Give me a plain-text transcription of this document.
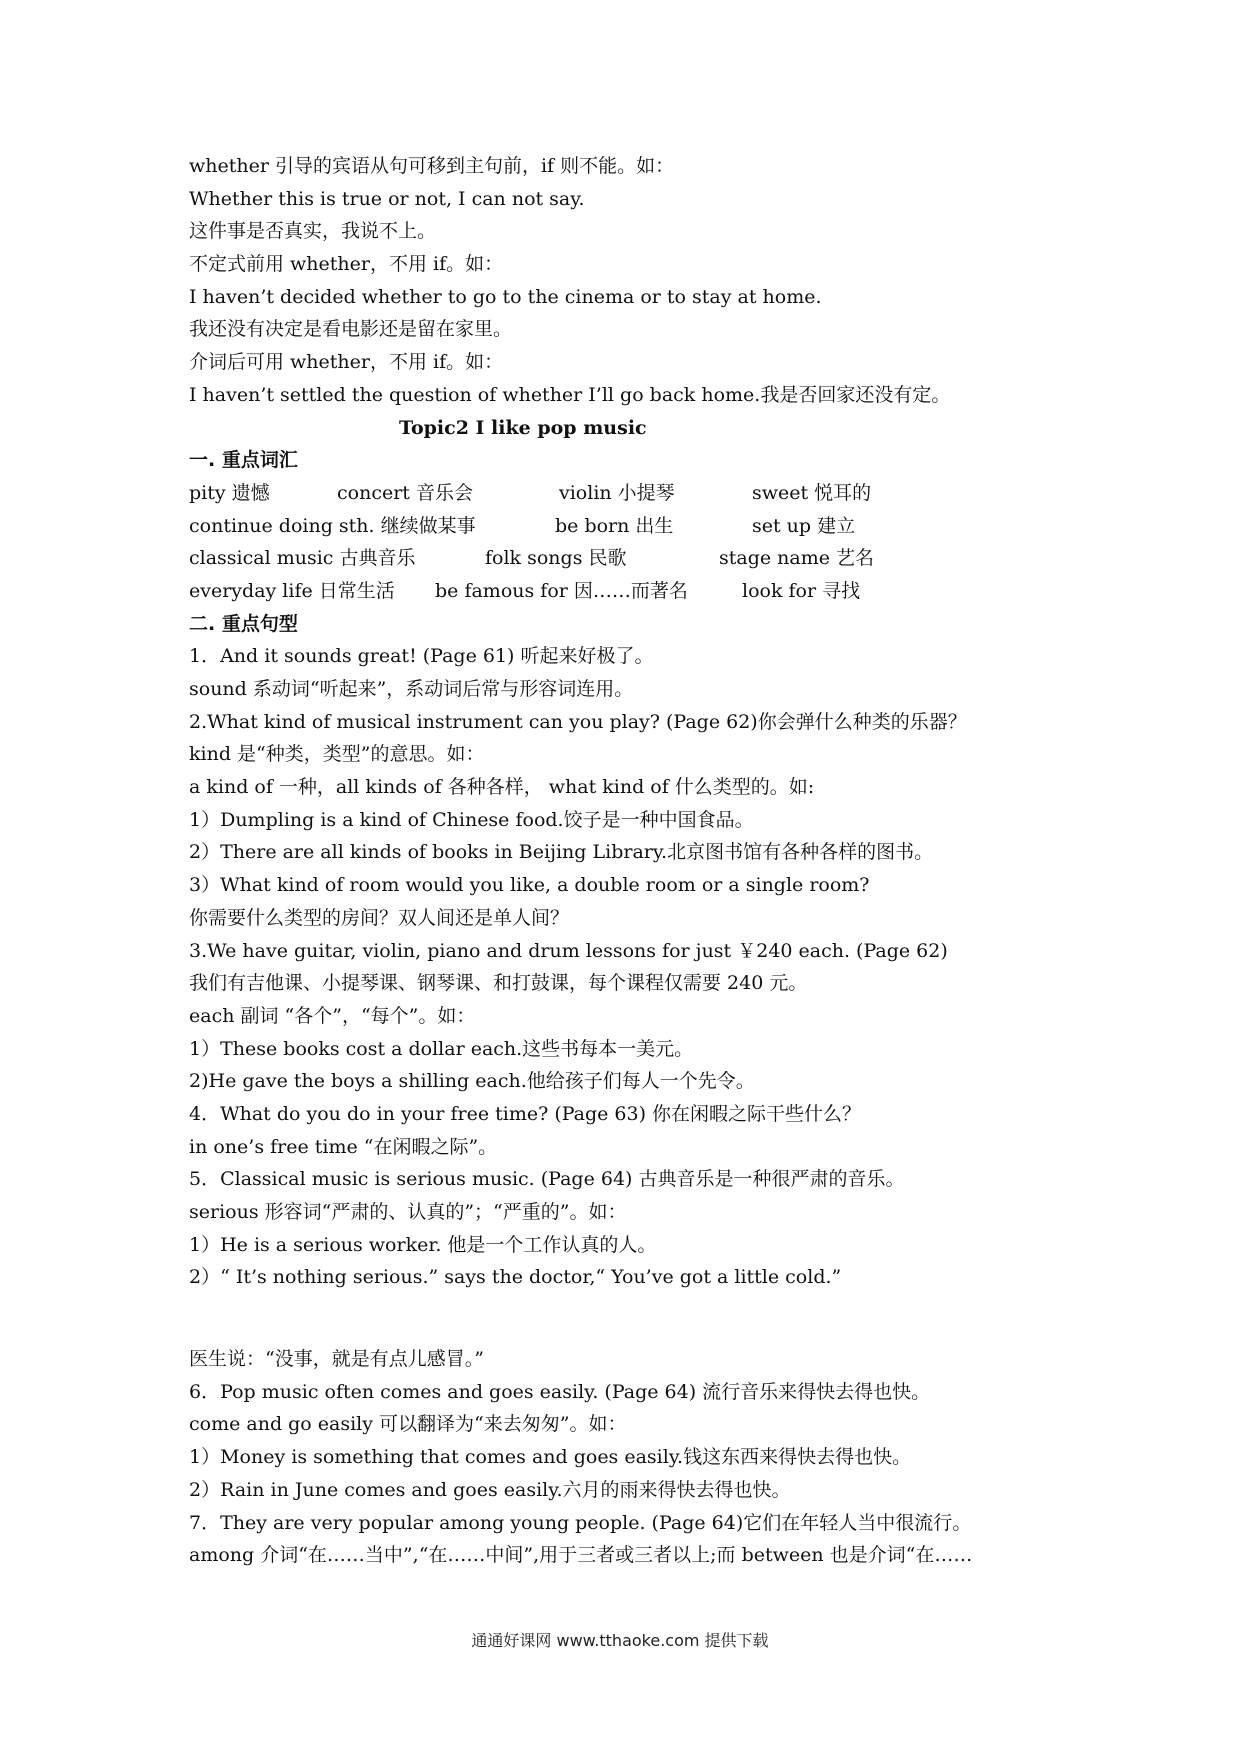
whether 引导的宾语从句可移到主句前，if 则不能。如：
Whether this is true or not, I can not say.
这件事是否真实，我说不上。
不定式前用 whether，不用 if。如：
I haven’t decided whether to go to the cinema or to stay at home.
我还没有决定是看电影还是留在家里。
介词后可用 whether，不用 if。如：
I haven’t settled the question of whether I’ll go back home.我是否回家还没有定。
Topic2 I like pop music
一. 重点词汇
pity 遗憾	concert 音乐会	violin 小提琴	sweet 悦耳的
continue doing sth. 继续做某事	be born 出生	set up 建立
classical music 古典音乐	folk songs 民歌	stage name 艺名
everyday life 日常生活	be famous for 因……而著名	look for 寻找
二. 重点句型
1．And it sounds great! (Page 61) 听起来好极了。
sound 系动词“听起来”，系动词后常与形容词连用。
2.What kind of musical instrument can you play? (Page 62)你会弹什么种类的乐器？
kind 是“种类，类型”的意思。如：
a kind of 一种，all kinds of 各种各样， what kind of 什么类型的。如:
1）Dumpling is a kind of Chinese food.饺子是一种中国食品。
2）There are all kinds of books in Beijing Library.北京图书馆有各种各样的图书。
3）What kind of room would you like, a double room or a single room?
你需要什么类型的房间？双人间还是单人间？
3.We have guitar, violin, piano and drum lessons for just ￥240 each. (Page 62)
我们有吉他课、小提琴课、钢琴课、和打鼓课，每个课程仅需要 240 元。
each 副词 “各个”，“每个”。如：
1）These books cost a dollar each.这些书每本一美元。
2)He gave the boys a shilling each.他给孩子们每人一个先令。
4．What do you do in your free time? (Page 63) 你在闲暇之际干些什么？
in one’s free time “在闲暇之际”。
5．Classical music is serious music. (Page 64) 古典音乐是一种很严肃的音乐。
serious 形容词“严肃的、认真的”；“严重的”。如：
1）He is a serious worker. 他是一个工作认真的人。
2）“ It’s nothing serious.” says the doctor,“ You’ve got a little cold.”
医生说：“没事，就是有点儿感冒。”
6．Pop music often comes and goes easily. (Page 64) 流行音乐来得快去得也快。
come and go easily 可以翻译为“来去匆匆”。如：
1）Money is something that comes and goes easily.钱这东西来得快去得也快。
2）Rain in June comes and goes easily.六月的雨来得快去得也快。
7．They are very popular among young people. (Page 64)它们在年轻人当中很流行。
among 介词“在……当中”,“在……中间”,用于三者或三者以上;而 between 也是介词“在……
通通好课网 www.tthaoke.com 提供下载
